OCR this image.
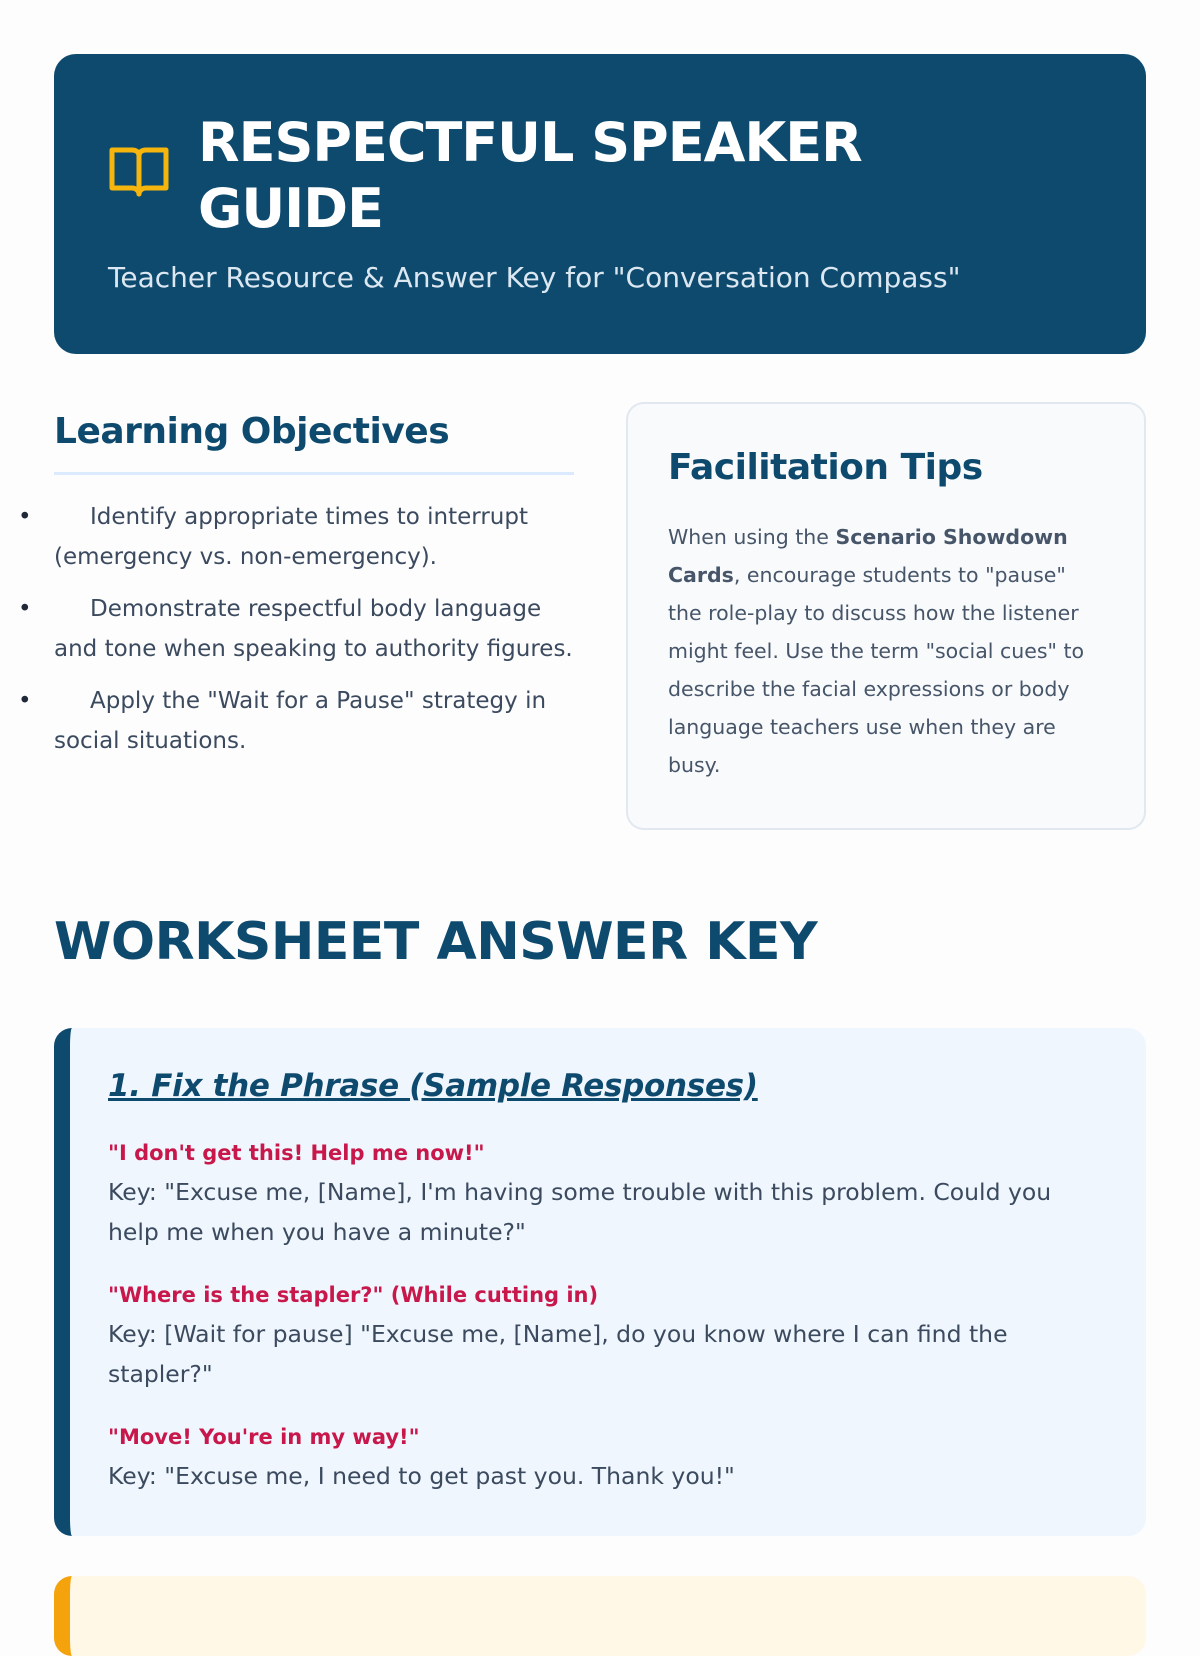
RESPECTFUL SPEAKER GUIDE
Teacher Resource & Answer Key for "Conversation Compass"
Learning Objectives
• Identify appropriate times to interrupt (emergency vs. non-emergency).
• Demonstrate respectful body language and tone when speaking to authority figures.
• Apply the "Wait for a Pause" strategy in social situations.
Facilitation Tips

When using the Scenario Showdown Cards, encourage students to "pause" the role-play to discuss how the listener might feel. Use the term "social cues" to describe the facial expressions or body language teachers use when they are busy.

WORKSHEET ANSWER KEY
1. Fix the Phrase (Sample Responses)
"I don't get this! Help me now!"
Key: "Excuse me, [Name], I'm having some trouble with this problem. Could you help me when you have a minute?"
"Where is the stapler?" (While cutting in)
Key: [Wait for pause] "Excuse me, [Name], do you know where I can find the stapler?"
"Move! You're in my way!"
Key: "Excuse me, I need to get past you. Thank you!"
